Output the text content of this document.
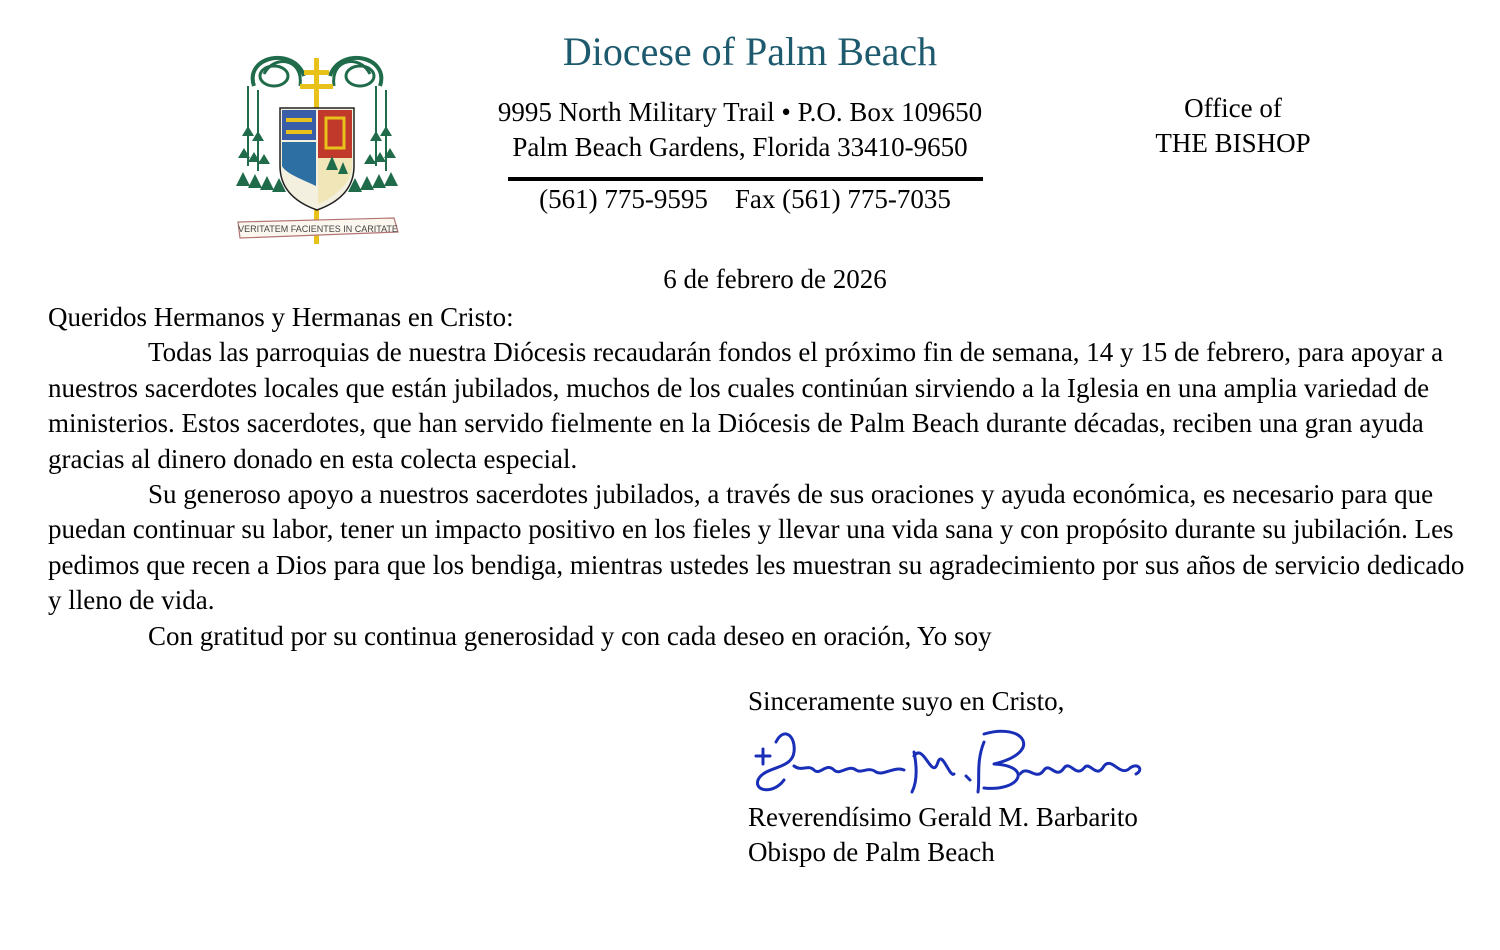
VERITATEM FACIENTES IN CARITATE
Diocese of Palm Beach
9995 North Military Trail • P.O. Box 109650
Palm Beach Gardens, Florida 33410-9650
(561) 775-9595 Fax (561) 775-7035
Office of
THE BISHOP
6 de febrero de 2026

Queridos Hermanos y Hermanas en Cristo:

Todas las parroquias de nuestra Diócesis recaudarán fondos el próximo fin de semana, 14 y 15 de febrero, para apoyar a nuestros sacerdotes locales que están jubilados, muchos de los cuales continúan sirviendo a la Iglesia en una amplia variedad de ministerios. Estos sacerdotes, que han servido fielmente en la Diócesis de Palm Beach durante décadas, reciben una gran ayuda gracias al dinero donado en esta colecta especial.

Su generoso apoyo a nuestros sacerdotes jubilados, a través de sus oraciones y ayuda económica, es necesario para que puedan continuar su labor, tener un impacto positivo en los fieles y llevar una vida sana y con propósito durante su jubilación. Les pedimos que recen a Dios para que los bendiga, mientras ustedes les muestran su agradecimiento por sus años de servicio dedicado y lleno de vida.

Con gratitud por su continua generosidad y con cada deseo en oración, Yo soy

Sinceramente suyo en Cristo,
Reverendísimo Gerald M. Barbarito
Obispo de Palm Beach
